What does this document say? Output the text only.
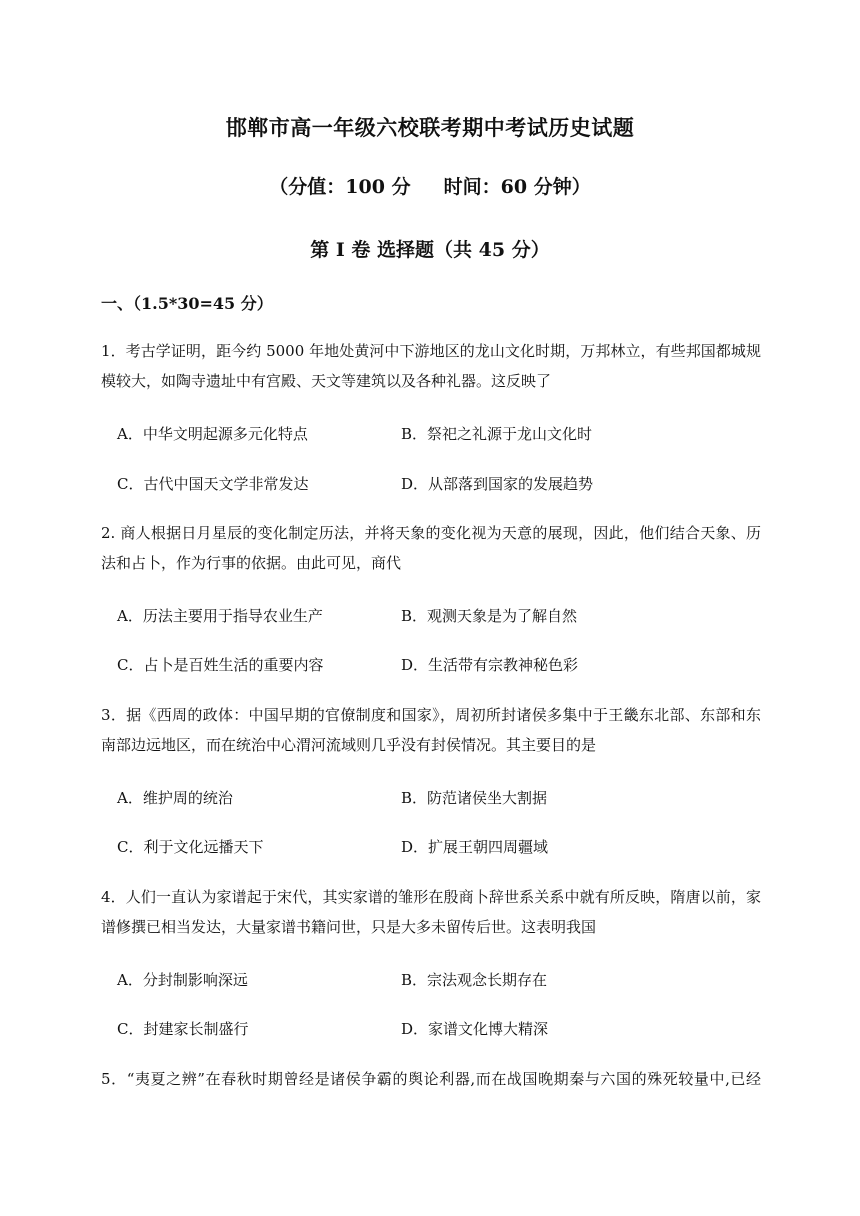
邯郸市高一年级六校联考期中考试历史试题
（分值：100 分     时间：60 分钟）
第 I 卷 选择题（共 45 分）
一、（1.5*30=45 分）
1．考古学证明，距今约 5000 年地处黄河中下游地区的龙山文化时期，万邦林立，有些邦国都城规
模较大，如陶寺遗址中有宫殿、天文等建筑以及各种礼器。这反映了
A．中华文明起源多元化特点	B．祭祀之礼源于龙山文化时
C．古代中国天文学非常发达	D．从部落到国家的发展趋势
2. 商人根据日月星辰的变化制定历法，并将天象的变化视为天意的展现，因此，他们结合天象、历
法和占卜，作为行事的依据。由此可见，商代
A．历法主要用于指导农业生产	B．观测天象是为了解自然
C．占卜是百姓生活的重要内容	D．生活带有宗教神秘色彩
3．据《西周的政体：中国早期的官僚制度和国家》，周初所封诸侯多集中于王畿东北部、东部和东
南部边远地区，而在统治中心渭河流域则几乎没有封侯情况。其主要目的是
A．维护周的统治	B．防范诸侯坐大割据
C．利于文化远播天下	D．扩展王朝四周疆域
4．人们一直认为家谱起于宋代，其实家谱的雏形在殷商卜辞世系关系中就有所反映，隋唐以前，家
谱修撰已相当发达，大量家谱书籍问世，只是大多未留传后世。这表明我国
A．分封制影响深远	B．宗法观念长期存在
C．封建家长制盛行	D．家谱文化博大精深
5．“夷夏之辨”在春秋时期曾经是诸侯争霸的舆论利器,而在战国晚期秦与六国的殊死较量中,已经
